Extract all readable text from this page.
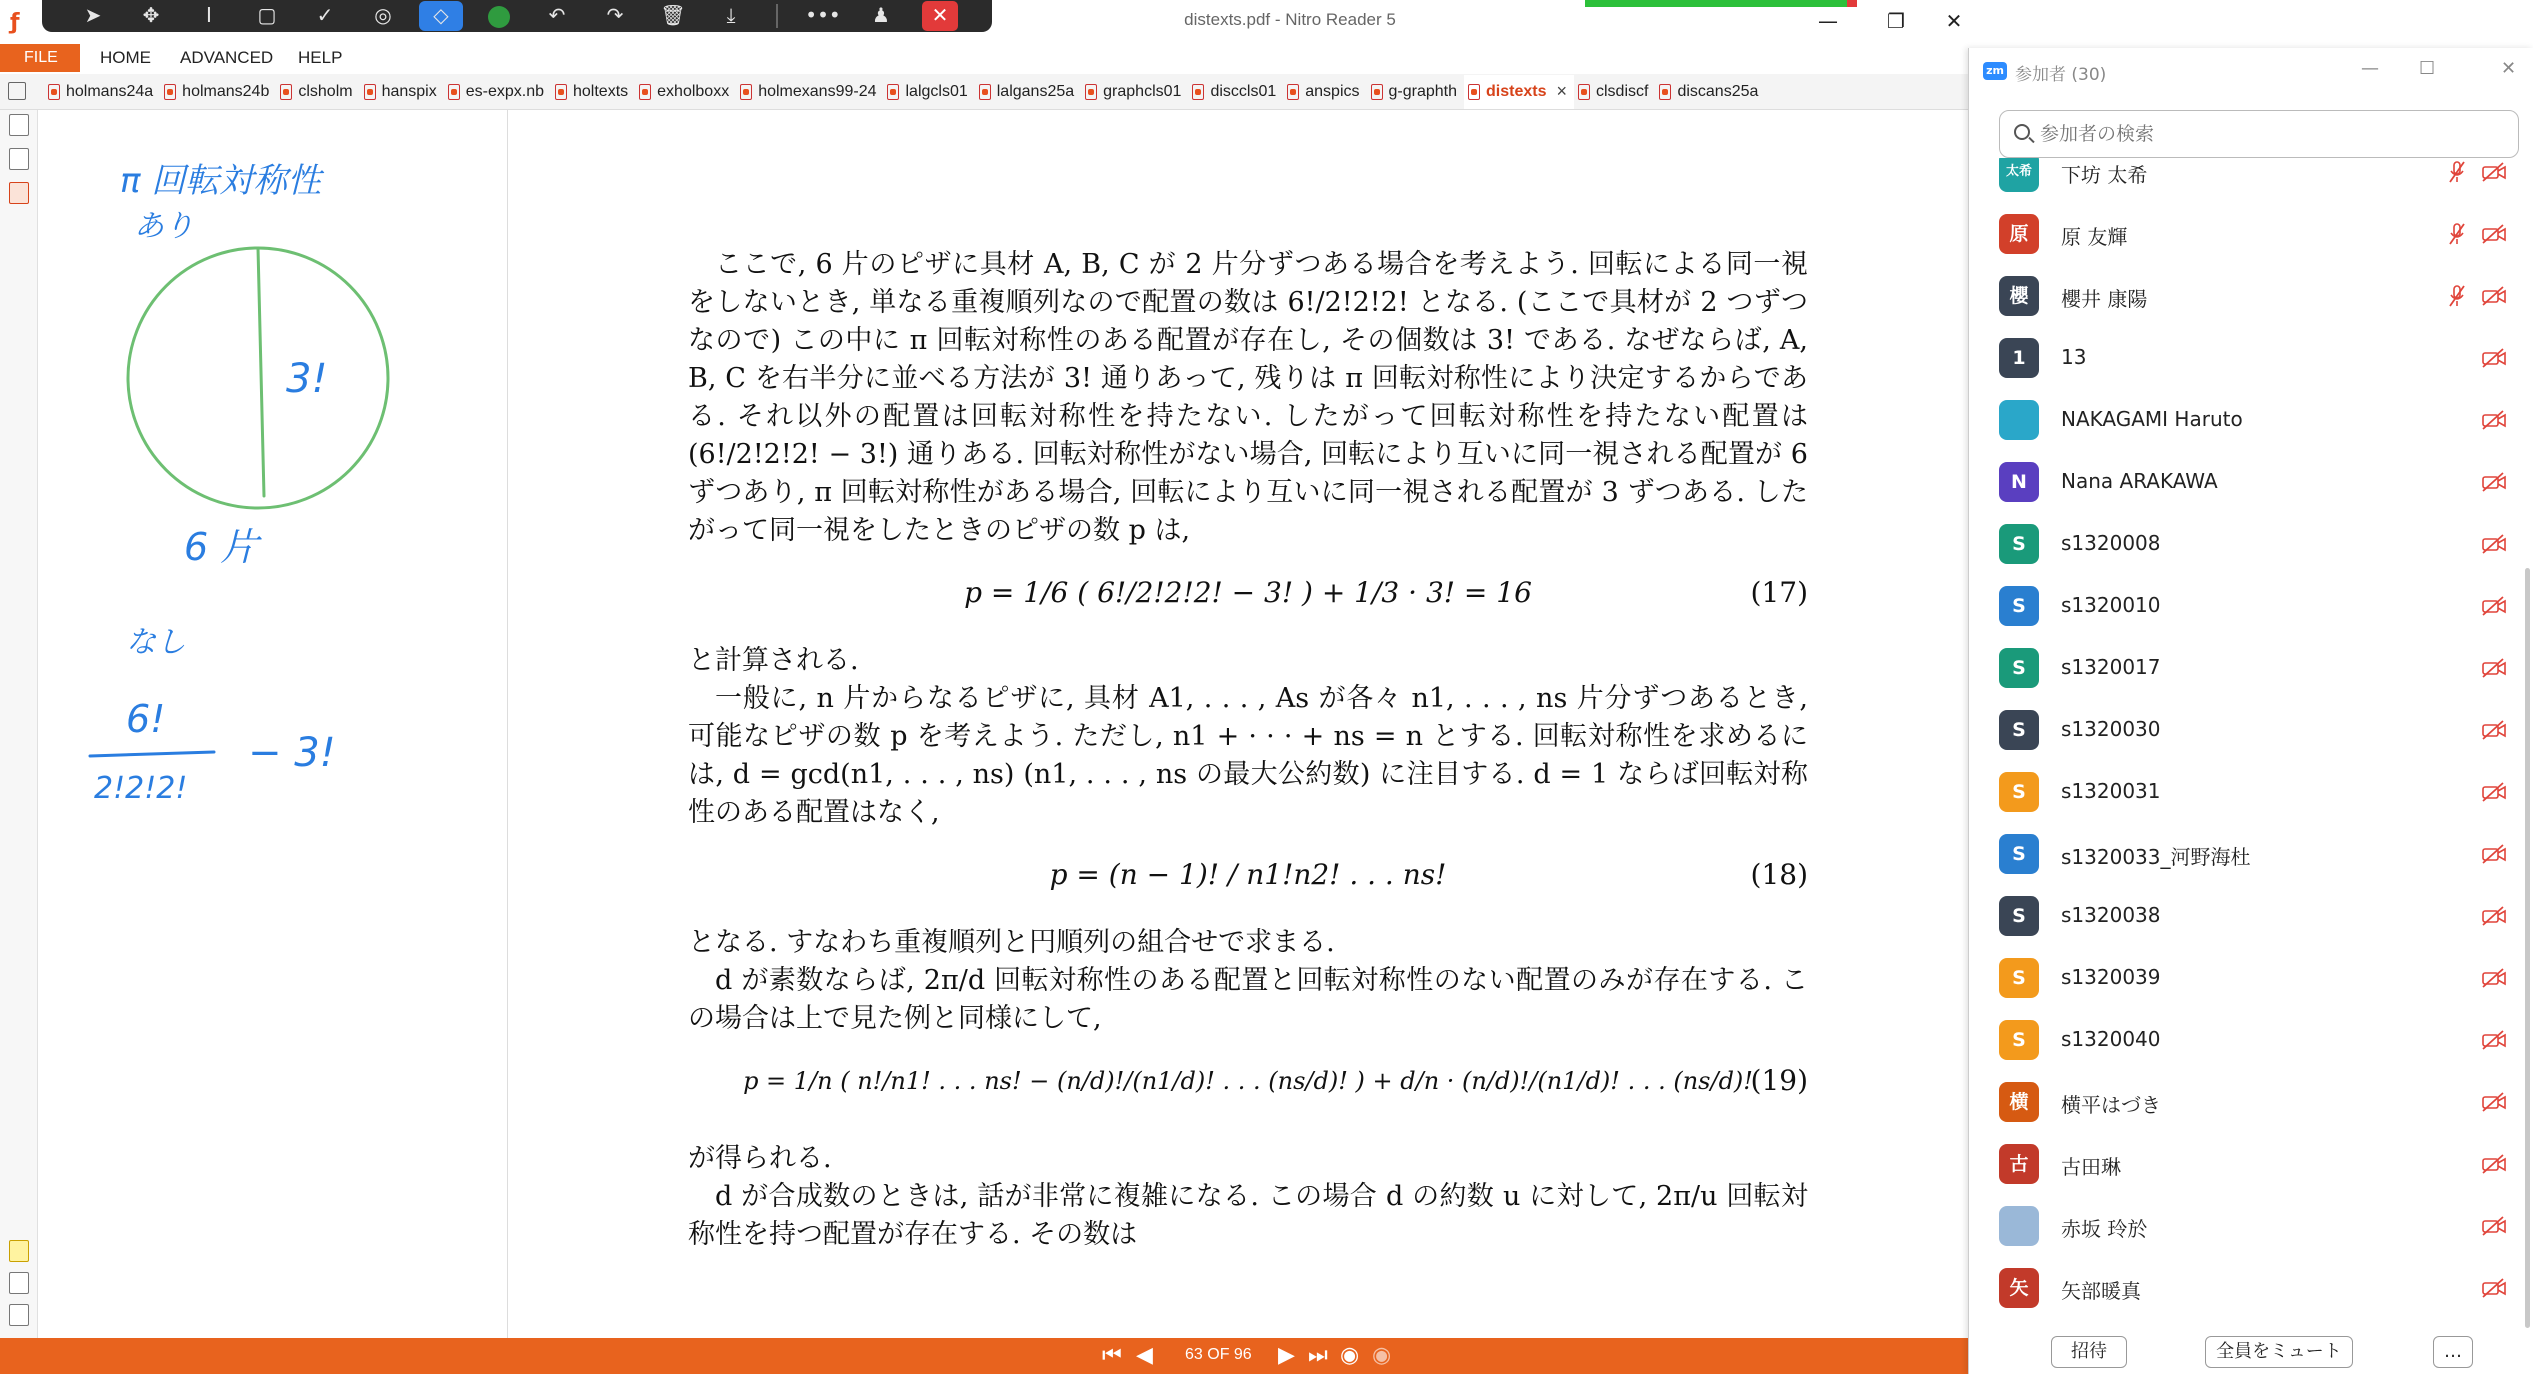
ƒ	distexts.pdf - Nitro Reader 5	—	❐	✕
➤	✥	I	▢	✓	◎	◇	↶	↷	🗑	⤓	•••	♟	✕
FILE	HOME ADVANCED HELP
holmans24a holmans24b clsholm hanspix es-expx.nb holtexts exholboxx holmexans99-24 lalgcls01 lalgans25a graphcls01 disccls01 anspics g-graphth distexts × clsdiscf discans25a
π 回転対称性
あり
3!
6 片
なし
6!
2!2!2!
− 3!

ここで, 6 片のピザに具材 A, B, C が 2 片分ずつある場合を考えよう. 回転による同一視をしないとき, 単なる重複順列なので配置の数は 6!/2!2!2! となる. (ここで具材が 2 つずつなので) この中に π 回転対称性のある配置が存在し, その個数は 3! である. なぜならば, A, B, C を右半分に並べる方法が 3! 通りあって, 残りは π 回転対称性により決定するからである. それ以外の配置は回転対称性を持たない. したがって回転対称性を持たない配置は (6!/2!2!2! − 3!) 通りある. 回転対称性がない場合, 回転により互いに同一視される配置が 6 ずつあり, π 回転対称性がある場合, 回転により互いに同一視される配置が 3 ずつある. したがって同一視をしたときのピザの数 p は,

p = 1/6 ( 6!/2!2!2! − 3! ) + 1/3 · 3! = 16	(17)

と計算される.

一般に, n 片からなるピザに, 具材 A1, . . . , As が各々 n1, . . . , ns 片分ずつあるとき, 可能なピザの数 p を考えよう. ただし, n1 + · · · + ns = n とする. 回転対称性を求めるには, d = gcd(n1, . . . , ns) (n1, . . . , ns の最大公約数) に注目する. d = 1 ならば回転対称性のある配置はなく,

p = (n − 1)! / n1!n2! . . . ns!	(18)

となる. すなわち重複順列と円順列の組合せで求まる.

d が素数ならば, 2π/d 回転対称性のある配置と回転対称性のない配置のみが存在する. この場合は上で見た例と同様にして,

p = 1/n ( n!/n1! . . . ns! − (n/d)!/(n1/d)! . . . (ns/d)! ) + d/n · (n/d)!/(n1/d)! . . . (ns/d)!
(19)

が得られる.

d が合成数のときは, 話が非常に複雑になる. この場合 d の約数 u に対して, 2π/u 回転対称性を持つ配置が存在する. その数は

⏮ ◀ 63 OF 96 ▶ ⏭ ◉ ◉
zm 参加者 (30)	— ☐	✕
参加者の検索
太希	下坊 太希
原	原 友輝
櫻	櫻井 康陽
1	13
NAKAGAMI Haruto
N	Nana ARAKAWA
S	s1320008
S	s1320010
S	s1320017
S	s1320030
S	s1320031
S	s1320033_河野海杜
S	s1320038
S	s1320039
S	s1320040
横	横平はづき
古	古田琳
赤坂 玲於
矢	矢部暖真
招待	全員をミュート	…
